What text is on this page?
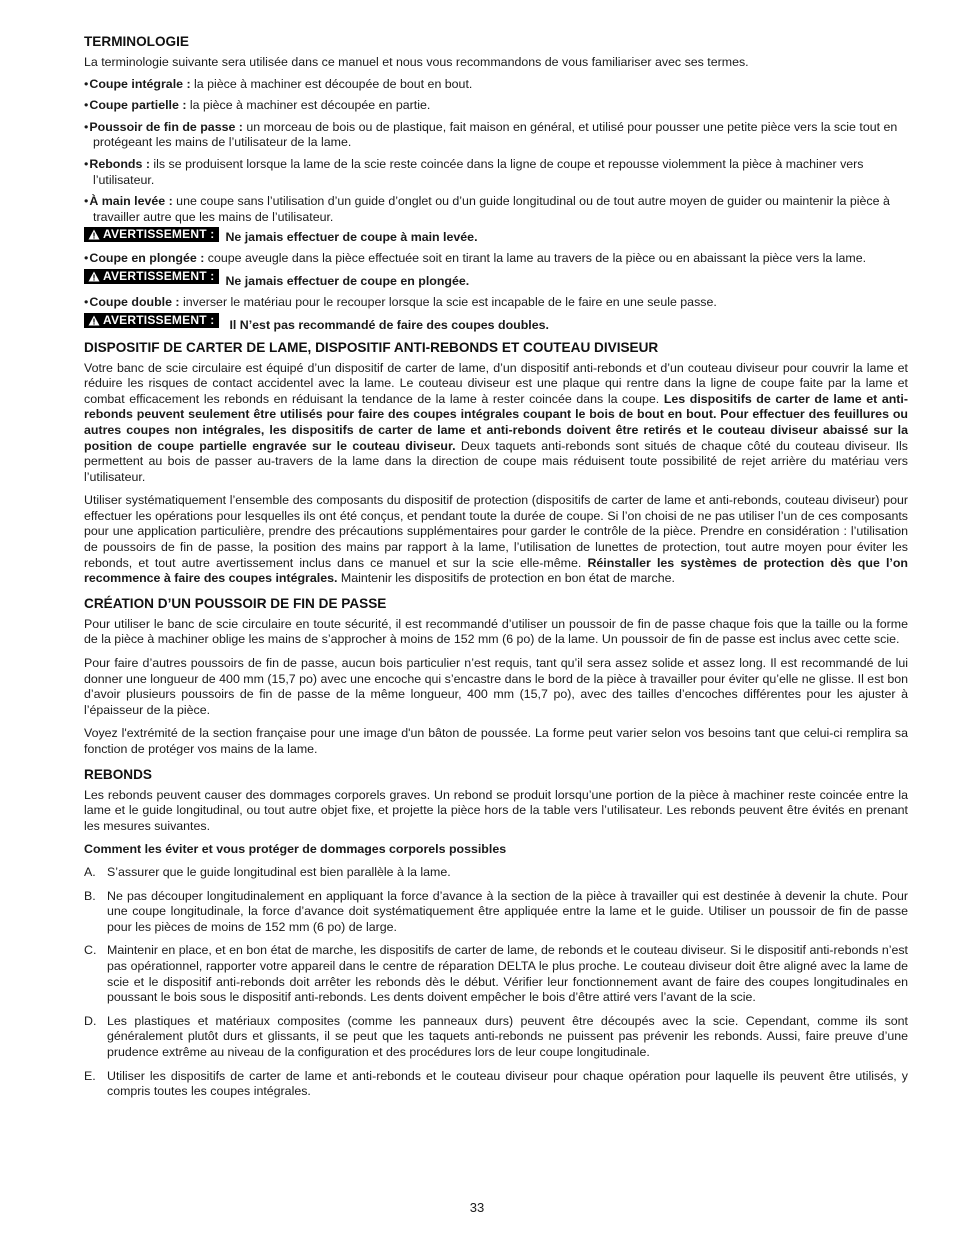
TERMINOLOGIE

La terminologie suivante sera utilisée dans ce manuel et nous vous recommandons de vous familiariser avec ses termes.

• Coupe intégrale : la pièce à machiner est découpée de bout en bout.

• Coupe partielle : la pièce à machiner est découpée en partie.

• Poussoir de fin de passe : un morceau de bois ou de plastique, fait maison en général, et utilisé pour pousser une petite pièce vers la scie tout en protégeant les mains de l’utilisateur de la lame.

• Rebonds : ils se produisent lorsque la lame de la scie reste coincée dans la ligne de coupe et repousse violemment la pièce à machiner vers l’utilisateur.

• À main levée : une coupe sans l’utilisation d’un guide d’onglet ou d’un guide longitudinal ou de tout autre moyen de guider ou maintenir la pièce à travailler autre que les mains de l’utilisateur.

AVERTISSEMENT : Ne jamais effectuer de coupe à main levée.

• Coupe en plongée : coupe aveugle dans la pièce effectuée soit en tirant la lame au travers de la pièce ou en abaissant la pièce vers la lame.

AVERTISSEMENT : Ne jamais effectuer de coupe en plongée.

• Coupe double : inverser le matériau pour le recouper lorsque la scie est incapable de le faire en une seule passe.

AVERTISSEMENT :	Il N’est pas recommandé de faire des coupes doubles.
DISPOSITIF DE CARTER DE LAME, DISPOSITIF ANTI-REBONDS ET COUTEAU DIVISEUR

Votre banc de scie circulaire est équipé d’un dispositif de carter de lame, d’un dispositif anti-rebonds et d’un couteau diviseur pour couvrir la lame et réduire les risques de contact accidentel avec la lame. Le couteau diviseur est une plaque qui rentre dans la ligne de coupe faite par la lame et combat efficacement les rebonds en réduisant la tendance de la lame à rester coincée dans la coupe. Les dispositifs de carter de lame et anti-rebonds peuvent seulement être utilisés pour faire des coupes intégrales coupant le bois de bout en bout. Pour effectuer des feuillures ou autres coupes non intégrales, les dispositifs de carter de lame et anti-rebonds doivent être retirés et le couteau diviseur abaissé sur la position de coupe partielle engravée sur le couteau diviseur. Deux taquets anti-rebonds sont situés de chaque côté du couteau diviseur. Ils permettent au bois de passer au-travers de la lame dans la direction de coupe mais réduisent toute possibilité de rejet arrière du matériau vers l’utilisateur.

Utiliser systématiquement l’ensemble des composants du dispositif de protection (dispositifs de carter de lame et anti-rebonds, couteau diviseur) pour effectuer les opérations pour lesquelles ils ont été conçus, et pendant toute la durée de coupe. Si l’on choisi de ne pas utiliser l’un de ces composants pour une application particulière, prendre des précautions supplémentaires pour garder le contrôle de la pièce. Prendre en considération : l’utilisation de poussoirs de fin de passe, la position des mains par rapport à la lame, l’utilisation de lunettes de protection, tout autre moyen pour éviter les rebonds, et tout autre avertissement inclus dans ce manuel et sur la scie elle-même. Réinstaller les systèmes de protection dès que l’on recommence à faire des coupes intégrales. Maintenir les dispositifs de protection en bon état de marche.

CRÉATION D’UN POUSSOIR DE FIN DE PASSE

Pour utiliser le banc de scie circulaire en toute sécurité, il est recommandé d’utiliser un poussoir de fin de passe chaque fois que la taille ou la forme de la pièce à machiner oblige les mains de s’approcher à moins de 152 mm (6 po) de la lame. Un poussoir de fin de passe est inclus avec cette scie.

Pour faire d’autres poussoirs de fin de passe, aucun bois particulier n’est requis, tant qu’il sera assez solide et assez long. Il est recommandé de lui donner une longueur de 400 mm (15,7 po) avec une encoche qui s’encastre dans le bord de la pièce à travailler pour éviter qu’elle ne glisse. Il est bon d’avoir plusieurs poussoirs de fin de passe de la même longueur, 400 mm (15,7 po), avec des tailles d’encoches différentes pour les ajuster à l’épaisseur de la pièce.

Voyez l'extrémité de la section française pour une image d'un bâton de poussée. La forme peut varier selon vos besoins tant que celui-ci remplira sa fonction de protéger vos mains de la lame.

REBONDS

Les rebonds peuvent causer des dommages corporels graves. Un rebond se produit lorsqu’une portion de la pièce à machiner reste coincée entre la lame et le guide longitudinal, ou tout autre objet fixe, et projette la pièce hors de la table vers l’utilisateur. Les rebonds peuvent être évités en prenant les mesures suivantes.

Comment les éviter et vous protéger de dommages corporels possibles

A. S’assurer que le guide longitudinal est bien parallèle à la lame.
B. Ne pas découper longitudinalement en appliquant la force d’avance à la section de la pièce à travailler qui est destinée à devenir la chute. Pour une coupe longitudinale, la force d’avance doit systématiquement être appliquée entre la lame et le guide. Utiliser un poussoir de fin de passe pour les pièces de moins de 152 mm (6 po) de large.
C. Maintenir en place, et en bon état de marche, les dispositifs de carter de lame, de rebonds et le couteau diviseur. Si le dispositif anti-rebonds n’est pas opérationnel, rapporter votre appareil dans le centre de réparation DELTA le plus proche. Le couteau diviseur doit être aligné avec la lame de scie et le dispositif anti-rebonds doit arrêter les rebonds dès le début. Vérifier leur fonctionnement avant de faire des coupes longitudinales en poussant le bois sous le dispositif anti-rebonds. Les dents doivent empêcher le bois d’être attiré vers l’avant de la scie.
D. Les plastiques et matériaux composites (comme les panneaux durs) peuvent être découpés avec la scie. Cependant, comme ils sont généralement plutôt durs et glissants, il se peut que les taquets anti-rebonds ne puissent pas prévenir les rebonds. Aussi, faire preuve d’une prudence extrême au niveau de la configuration et des procédures lors de leur coupe longitudinale.
E. Utiliser les dispositifs de carter de lame et anti-rebonds et le couteau diviseur pour chaque opération pour laquelle ils peuvent être utilisés, y compris toutes les coupes intégrales.
33
